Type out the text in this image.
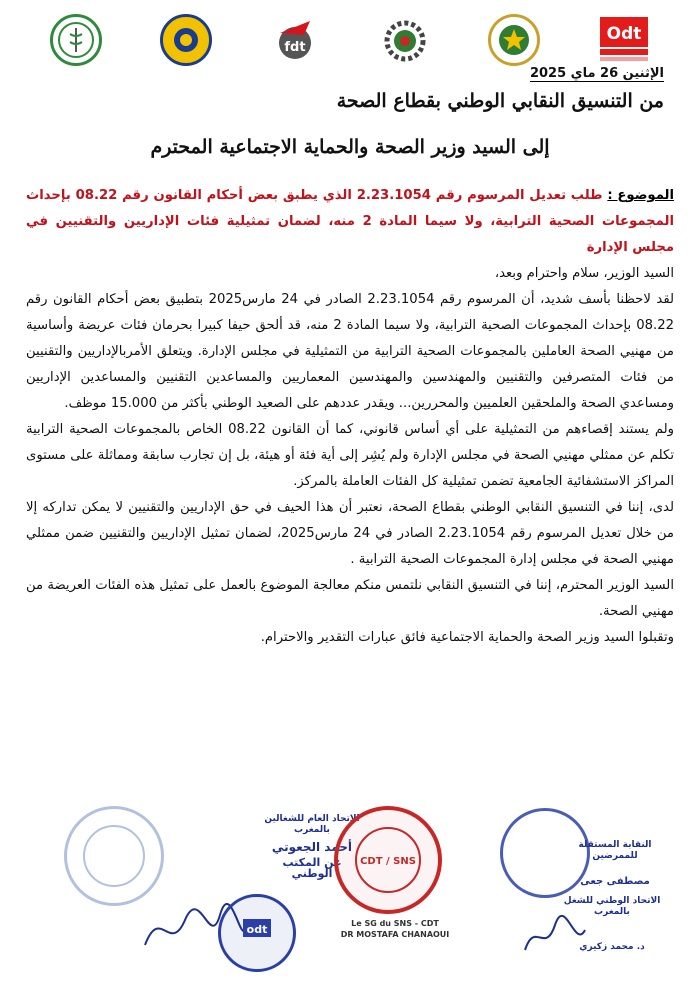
fdt
Odt
الإثنين 26 ماي 2025
من التنسيق النقابي الوطني بقطاع الصحة
إلى السيد وزير الصحة والحماية الاجتماعية المحترم

الموضوع : طلب تعديل المرسوم رقم 2.23.1054 الذي يطبق بعض أحكام القانون رقم 08.22 بإحداث المجموعات الصحية الترابية، ولا سيما المادة 2 منه، لضمان تمثيلية فئات الإداريين والتقنيين في مجلس الإدارة

السيد الوزير، سلام واحترام وبعد،

لقد لاحظنا بأسف شديد، أن المرسوم رقم 2.23.1054 الصادر في 24 مارس2025 بتطبيق بعض أحكام القانون رقم 08.22 بإحداث المجموعات الصحية الترابية، ولا سيما المادة 2 منه، قد ألحق حيفا كبيرا بحرمان فئات عريضة وأساسية من مهنيي الصحة العاملين بالمجموعات الصحية الترابية من التمثيلية في مجلس الإدارة. ويتعلق الأمربالإداريين والتقنيين من فئات المتصرفين والتقنيين والمهندسين والمهندسين المعماريين والمساعدين التقنيين والمساعدين الإداريين ومساعدي الصحة والملحقين العلميين والمحررين... ويقدر عددهم على الصعيد الوطني بأكثر من 15.000 موظف.

ولم يستند إقصاءهم من التمثيلية على أي أساس قانوني، كما أن القانون 08.22 الخاص بالمجموعات الصحية الترابية تكلم عن ممثلي مهنيي الصحة في مجلس الإدارة ولم يُشِر إلى أية فئة أو هيئة، بل إن تجارب سابقة ومماثلة على مستوى المراكز الاستشفائية الجامعية تضمن تمثيلية كل الفئات العاملة بالمركز.

لدى، إننا في التنسيق النقابي الوطني بقطاع الصحة، نعتبر أن هذا الحيف في حق الإداريين والتقنيين لا يمكن تداركه إلا من خلال تعديل المرسوم رقم 2.23.1054 الصادر في 24 مارس2025، لضمان تمثيل الإداريين والتقنيين ضمن ممثلي مهنيي الصحة في مجلس إدارة المجموعات الصحية الترابية .

السيد الوزير المحترم، إننا في التنسيق النقابي نلتمس منكم معالجة الموضوع بالعمل على تمثيل هذه الفئات العريضة من مهنيي الصحة.

وتقبلوا السيد وزير الصحة والحماية الاجتماعية فائق عبارات التقدير والاحترام.

odt
الاتحاد العام للشغالين بالمغرب
أحمد الجعوتي
عن المكتب الوطني
CDT / SNS
Le SG du SNS - CDT
DR MOSTAFA CHANAOUI
النقابة المستقلة للممرضين
مصطفى جعى
الاتحاد الوطني للشغل بالمغرب
د. محمد زكيري
